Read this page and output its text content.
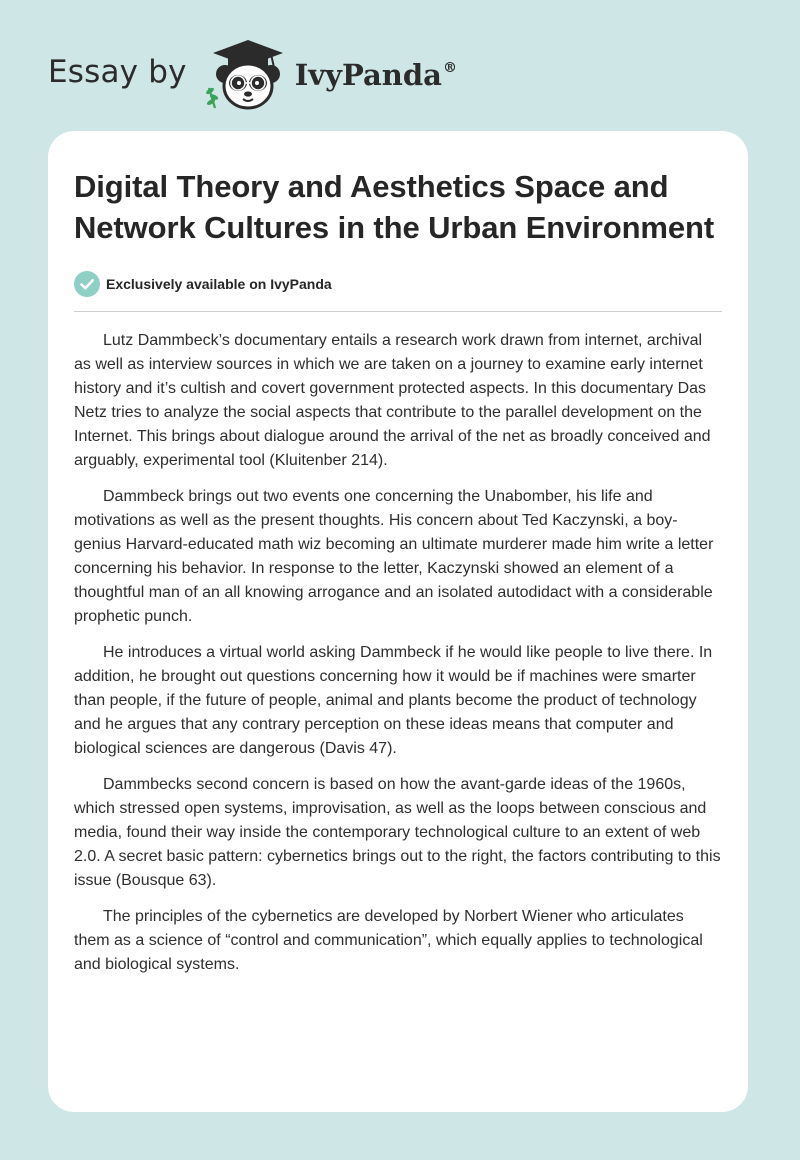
Essay by	IvyPanda®
Digital Theory and Aesthetics Space and Network Cultures in the Urban Environment
Exclusively available on IvyPanda

Lutz Dammbeck’s documentary entails a research work drawn from internet, archival as well as interview sources in which we are taken on a journey to examine early internet history and it’s cultish and covert government protected aspects. In this documentary Das Netz tries to analyze the social aspects that contribute to the parallel development on the Internet. This brings about dialogue around the arrival of the net as broadly conceived and arguably, experimental tool (Kluitenber 214).

Dammbeck brings out two events one concerning the Unabomber, his life and motivations as well as the present thoughts. His concern about Ted Kaczynski, a boy-genius Harvard-educated math wiz becoming an ultimate murderer made him write a letter concerning his behavior. In response to the letter, Kaczynski showed an element of a thoughtful man of an all knowing arrogance and an isolated autodidact with a considerable prophetic punch.

He introduces a virtual world asking Dammbeck if he would like people to live there. In addition, he brought out questions concerning how it would be if machines were smarter than people, if the future of people, animal and plants become the product of technology and he argues that any contrary perception on these ideas means that computer and biological sciences are dangerous (Davis 47).

Dammbecks second concern is based on how the avant-garde ideas of the 1960s, which stressed open systems, improvisation, as well as the loops between conscious and media, found their way inside the contemporary technological culture to an extent of web 2.0. A secret basic pattern: cybernetics brings out to the right, the factors contributing to this issue (Bousque 63).

The principles of the cybernetics are developed by Norbert Wiener who articulates them as a science of “control and communication”, which equally applies to technological and biological systems.
